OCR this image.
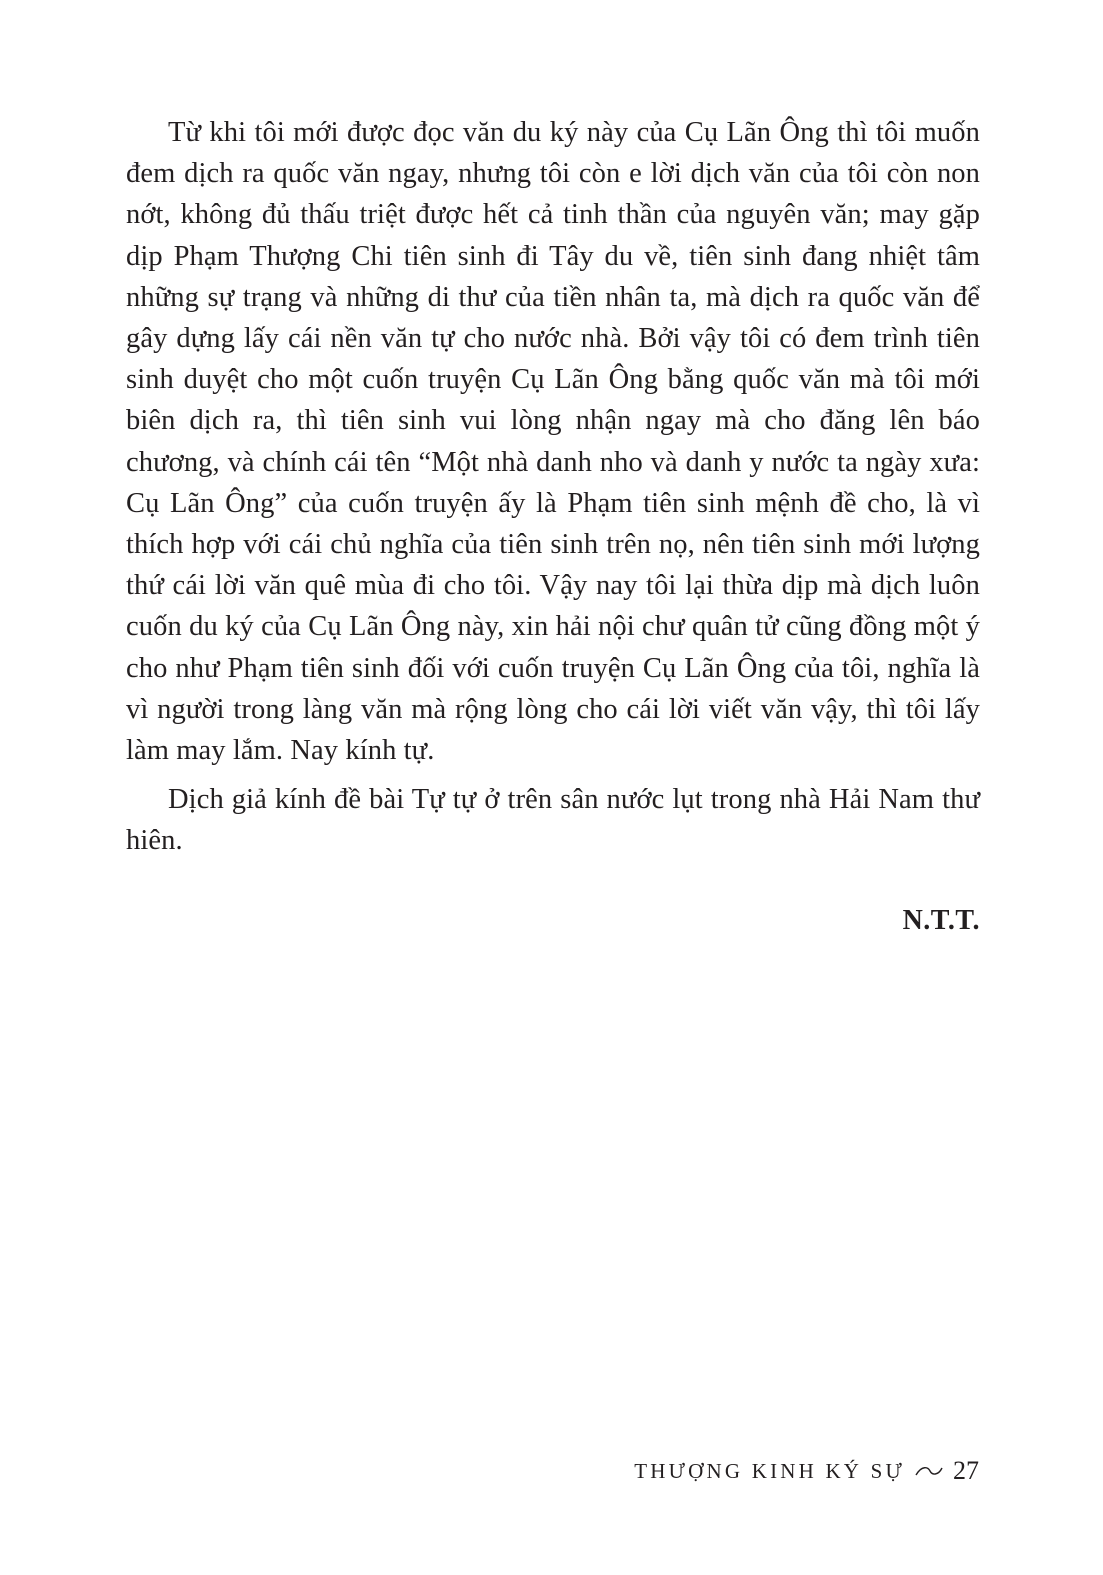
Từ khi tôi mới được đọc văn du ký này của Cụ Lãn Ông thì tôi muốn đem dịch ra quốc văn ngay, nhưng tôi còn e lời dịch văn của tôi còn non nớt, không đủ thấu triệt được hết cả tinh thần của nguyên văn; may gặp dịp Phạm Thượng Chi tiên sinh đi Tây du về, tiên sinh đang nhiệt tâm những sự trạng và những di thư của tiền nhân ta, mà dịch ra quốc văn để gây dựng lấy cái nền văn tự cho nước nhà. Bởi vậy tôi có đem trình tiên sinh duyệt cho một cuốn truyện Cụ Lãn Ông bằng quốc văn mà tôi mới biên dịch ra, thì tiên sinh vui lòng nhận ngay mà cho đăng lên báo chương, và chính cái tên “Một nhà danh nho và danh y nước ta ngày xưa: Cụ Lãn Ông” của cuốn truyện ấy là Phạm tiên sinh mệnh đề cho, là vì thích hợp với cái chủ nghĩa của tiên sinh trên nọ, nên tiên sinh mới lượng thứ cái lời văn quê mùa đi cho tôi. Vậy nay tôi lại thừa dịp mà dịch luôn cuốn du ký của Cụ Lãn Ông này, xin hải nội chư quân tử cũng đồng một ý cho như Phạm tiên sinh đối với cuốn truyện Cụ Lãn Ông của tôi, nghĩa là vì người trong làng văn mà rộng lòng cho cái lời viết văn vậy, thì tôi lấy làm may lắm. Nay kính tự.

Dịch giả kính đề bài Tự tự ở trên sân nước lụt trong nhà Hải Nam thư hiên.

N.T.T.
THƯỢNG KINH KÝ SỰ 27
